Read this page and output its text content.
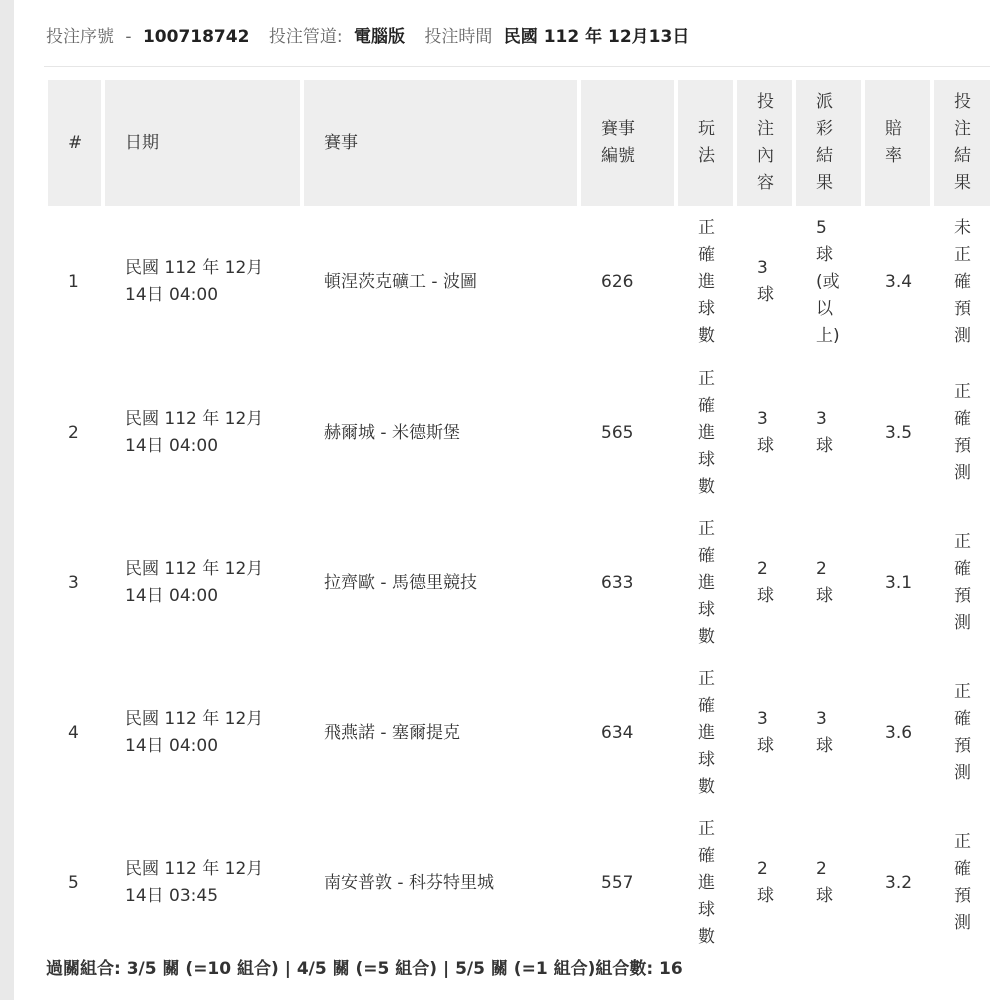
投注序號 - 100718742 投注管道: 電腦版 投注時間 民國 112 年 12月13日
#	日期	賽事	賽事編號	玩法	投注內容	派彩結果	賠率	投注結果
1	民國 112 年 12月14日 04:00	頓涅茨克礦工 - 波圖	626	正確進球數	3球	5球(或以上)	3.4	未正確預測
2	民國 112 年 12月14日 04:00	赫爾城 - 米德斯堡	565	正確進球數	3球	3球	3.5	正確預測
3	民國 112 年 12月14日 04:00	拉齊歐 - 馬德里競技	633	正確進球數	2球	2球	3.1	正確預測
4	民國 112 年 12月14日 04:00	飛燕諾 - 塞爾提克	634	正確進球數	3球	3球	3.6	正確預測
5	民國 112 年 12月14日 03:45	南安普敦 - 科芬特里城	557	正確進球數	2球	2球	3.2	正確預測
過關組合: 3/5 關 (=10 組合) | 4/5 關 (=5 組合) | 5/5 關 (=1 組合)組合數: 16
